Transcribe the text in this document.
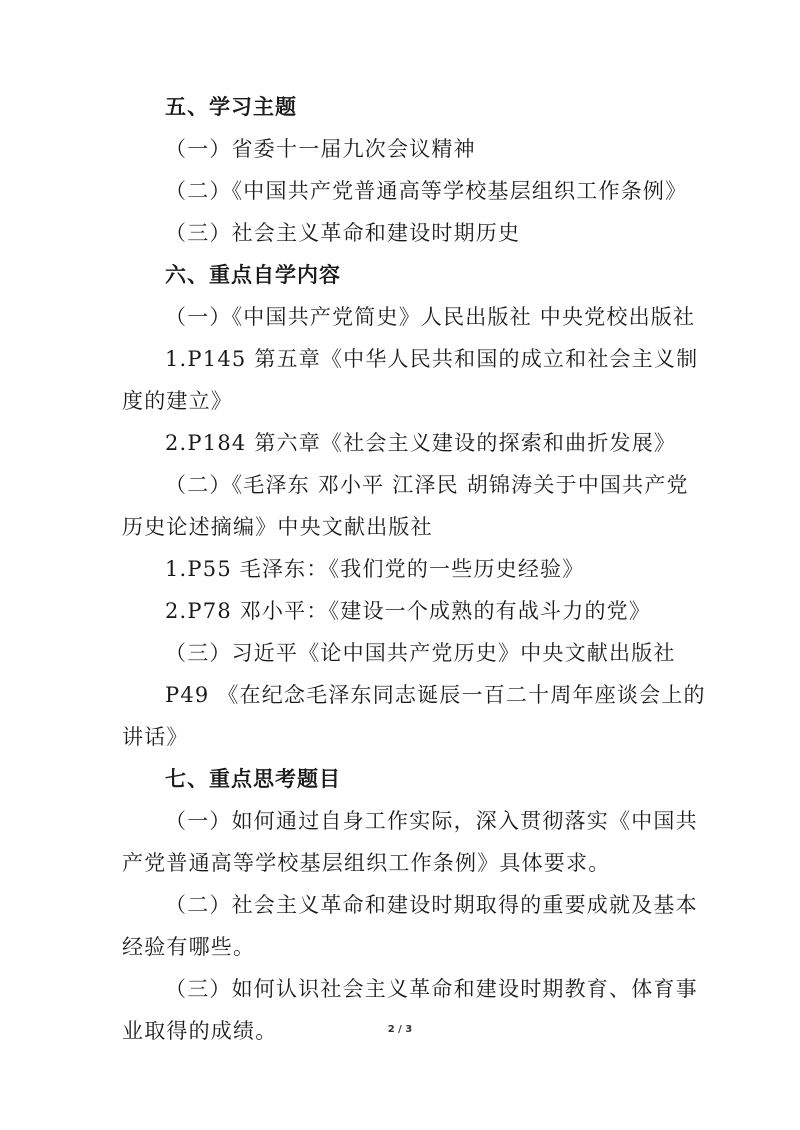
五、学习主题
（一）省委十一届九次会议精神
（二）《中国共产党普通高等学校基层组织工作条例》
（三）社会主义革命和建设时期历史
六、重点自学内容
（一）《中国共产党简史》人民出版社 中央党校出版社
1.P145 第五章《中华人民共和国的成立和社会主义制
度的建立》
2.P184 第六章《社会主义建设的探索和曲折发展》
（二）《毛泽东 邓小平 江泽民 胡锦涛关于中国共产党
历史论述摘编》中央文献出版社
1.P55 毛泽东：《我们党的一些历史经验》
2.P78 邓小平：《建设一个成熟的有战斗力的党》
（三）习近平《论中国共产党历史》中央文献出版社
P49 《在纪念毛泽东同志诞辰一百二十周年座谈会上的
讲话》
七、重点思考题目
（一）如何通过自身工作实际，深入贯彻落实《中国共
产党普通高等学校基层组织工作条例》具体要求。
（二）社会主义革命和建设时期取得的重要成就及基本
经验有哪些。
（三）如何认识社会主义革命和建设时期教育、体育事
业取得的成绩。	2 / 3
